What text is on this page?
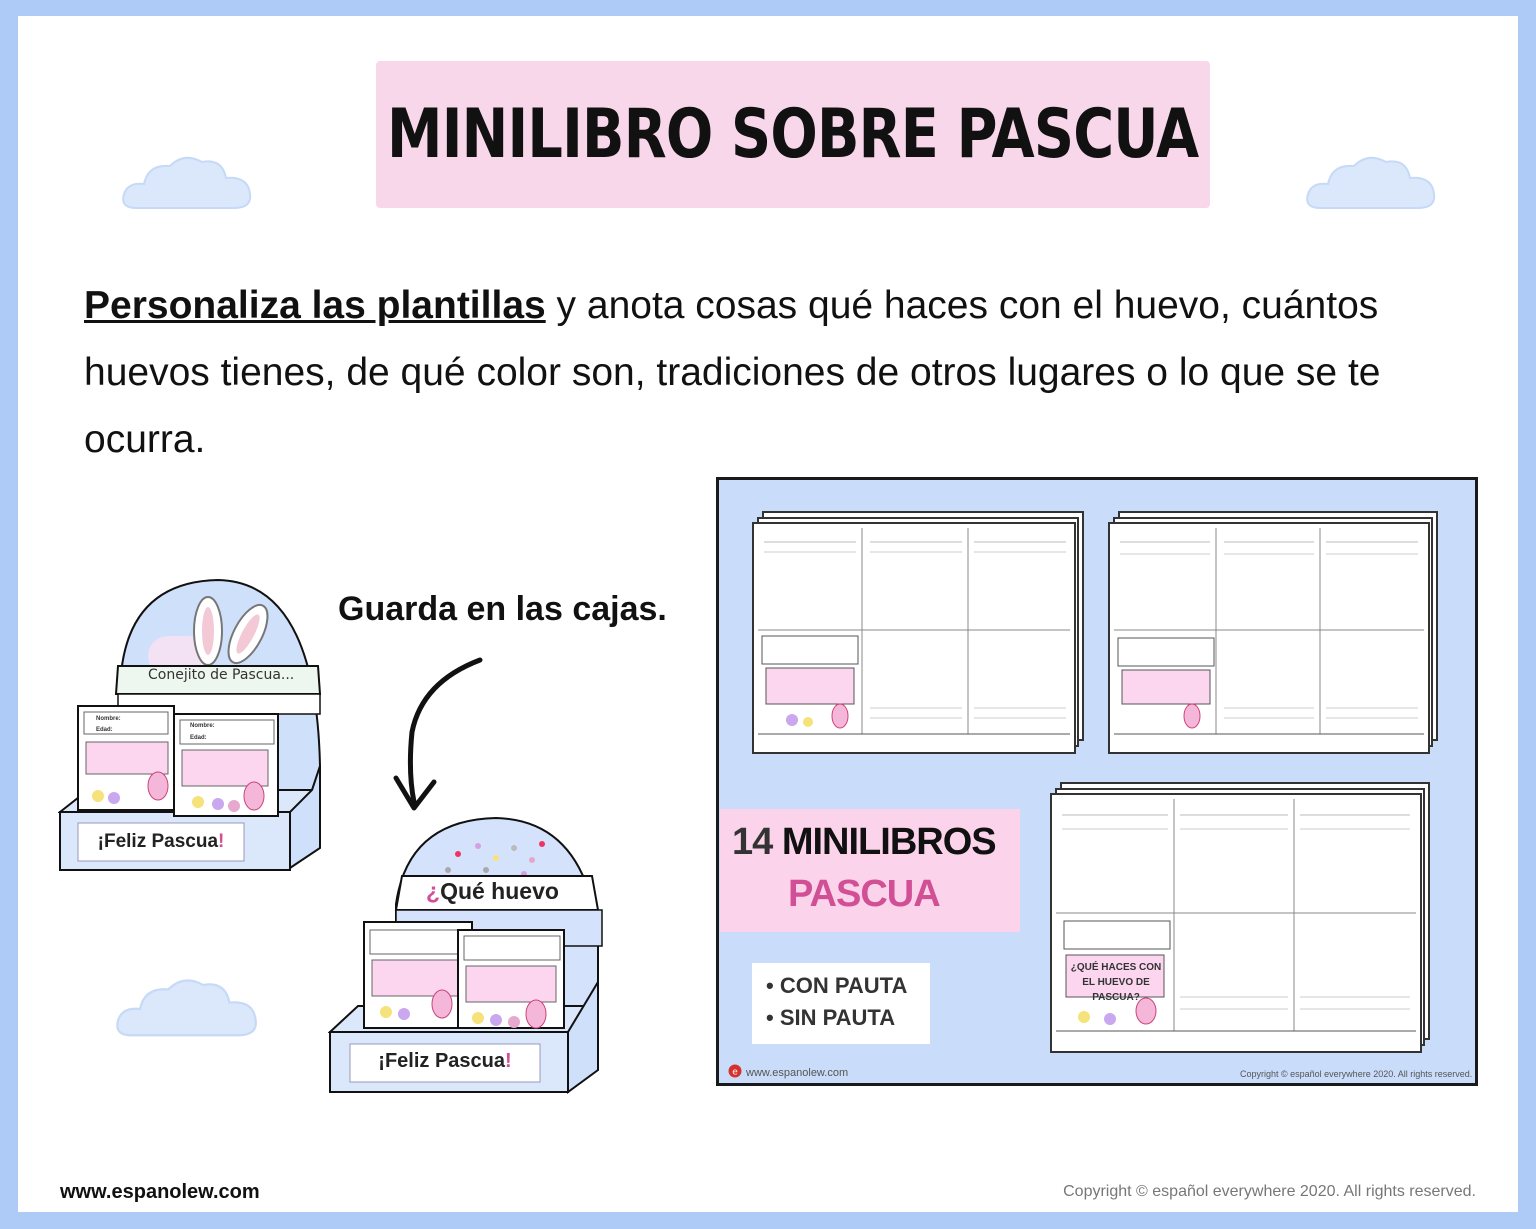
MINILIBRO SOBRE PASCUA
Personaliza las plantillas y anota cosas qué haces con el huevo, cuántos huevos tienes, de qué color son, tradiciones de otros lugares o lo que se te ocurra.
Conejito de Pascua...
Nombre:
Edad:
Nombre:
Edad:
¡Feliz Pascua!
Guarda en las cajas.
¿Qué huevo
¡Feliz Pascua!
¿QUÉ HACES CON EL HUEVO DE PASCUA?
14 MINILIBROS
PASCUA
• CON PAUTA
• SIN PAUTA
e www.espanolew.com	Copyright © español everywhere 2020. All rights reserved.
www.espanolew.com	Copyright © español everywhere 2020. All rights reserved.
